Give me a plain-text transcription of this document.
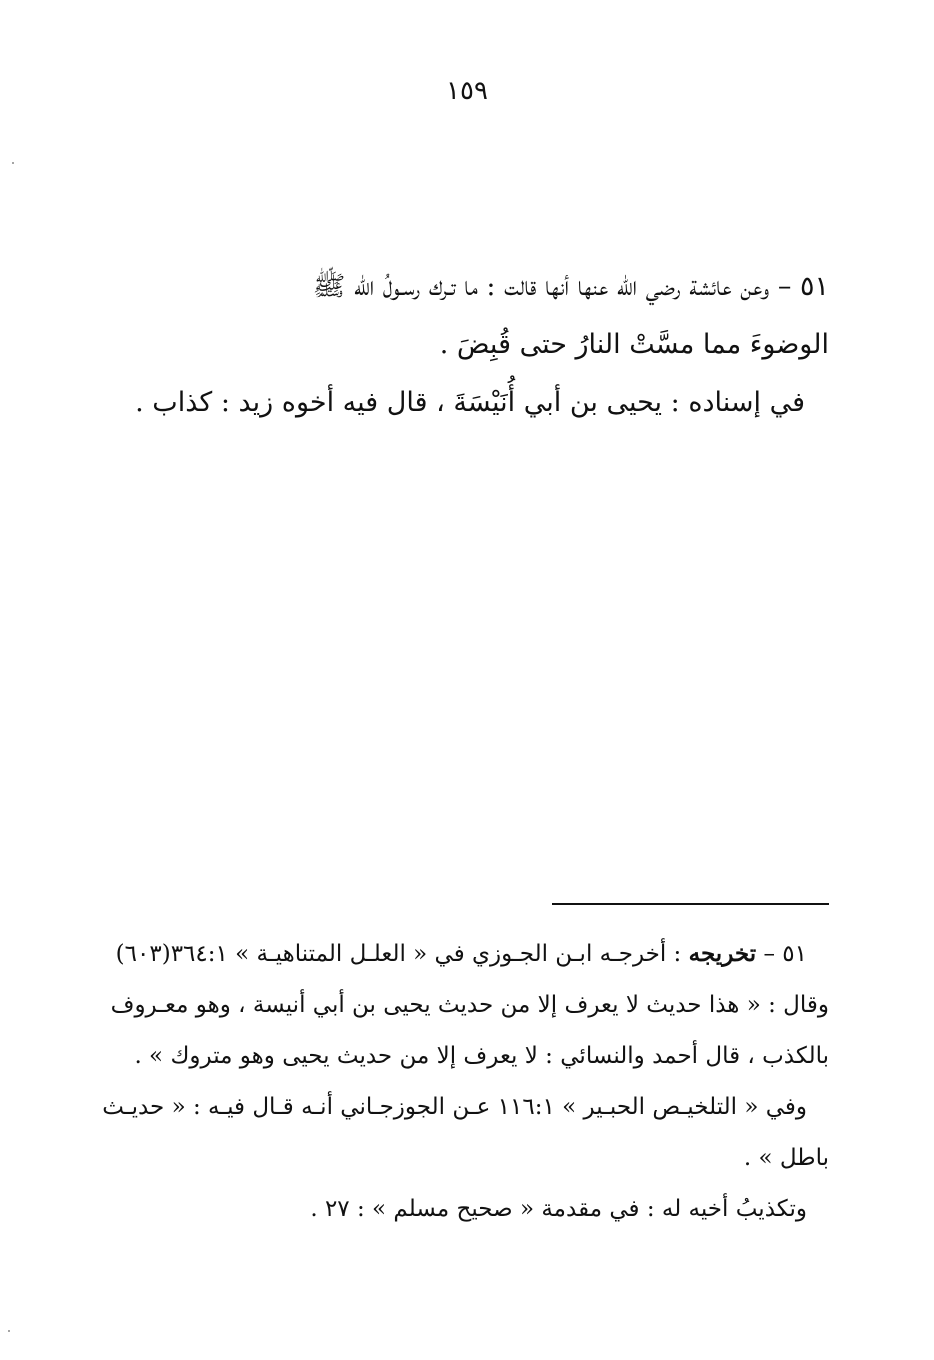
١٥٩
٥١ – وعن عائشة رضي الله عنها أنها قالت : ما تـرك رسـولُ الله ﷺ
الوضوءَ مما مسَّتْ النارُ حتى قُبِضَ .
في إسناده : يحيى بن أبي أُنَيْسَةَ ، قال فيه أخوه زيد : كذاب .
٥١ – تخريجه : أخرجـه ابـن الجـوزي في « العلـل المتناهيـة » ٣٦٤:١(٦٠٣)
وقال : « هذا حديث لا يعرف إلا من حديث يحيى بن أبي أنيسة ، وهو معـروف
بالكذب ، قال أحمد والنسائي : لا يعرف إلا من حديث يحيى وهو متروك » .
وفي « التلخيـص الحبـير » ١١٦:١ عـن الجوزجـاني أنـه قـال فيـه : « حديـث
باطل » .
وتكذيبُ أخيه له : في مقدمة « صحيح مسلم » : ٢٧ .
